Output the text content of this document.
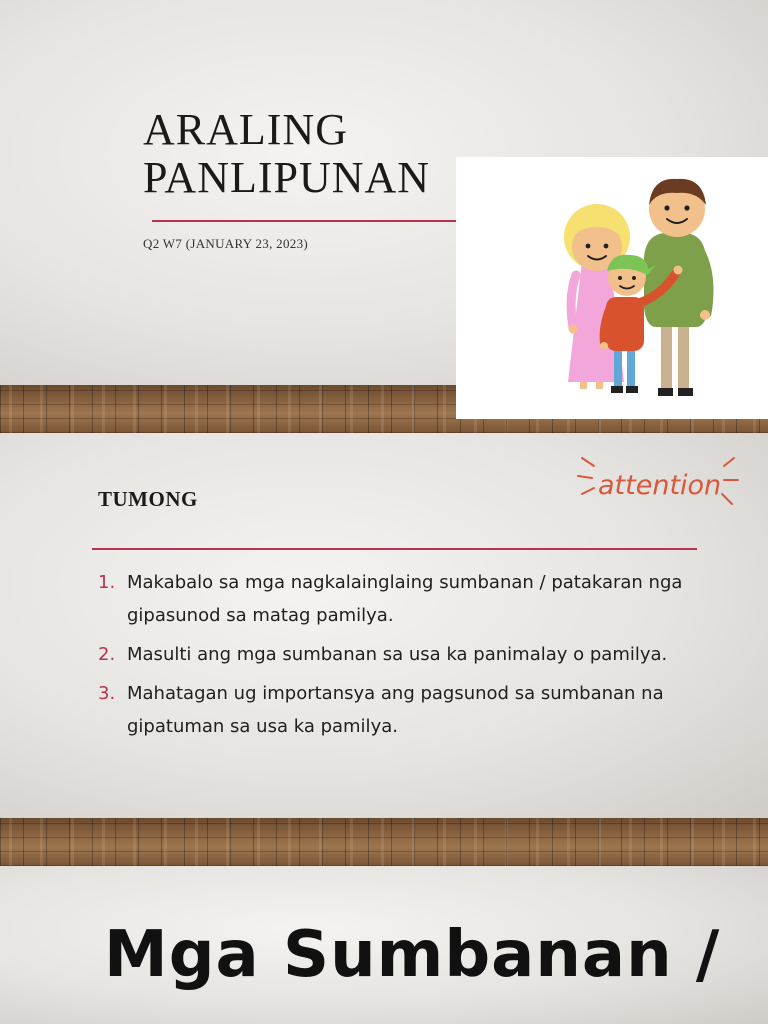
ARALING
PANLIPUNAN
Q2 W7 (JANUARY 23, 2023)
TUMONG	attention
1. Makabalo sa mga nagkalainglaing sumbanan / patakaran nga gipasunod sa matag pamilya.
2. Masulti ang mga sumbanan sa usa ka panimalay o pamilya.
3. Mahatagan ug importansya ang pagsunod sa sumbanan na gipatuman sa usa ka pamilya.
Mga Sumbanan /
